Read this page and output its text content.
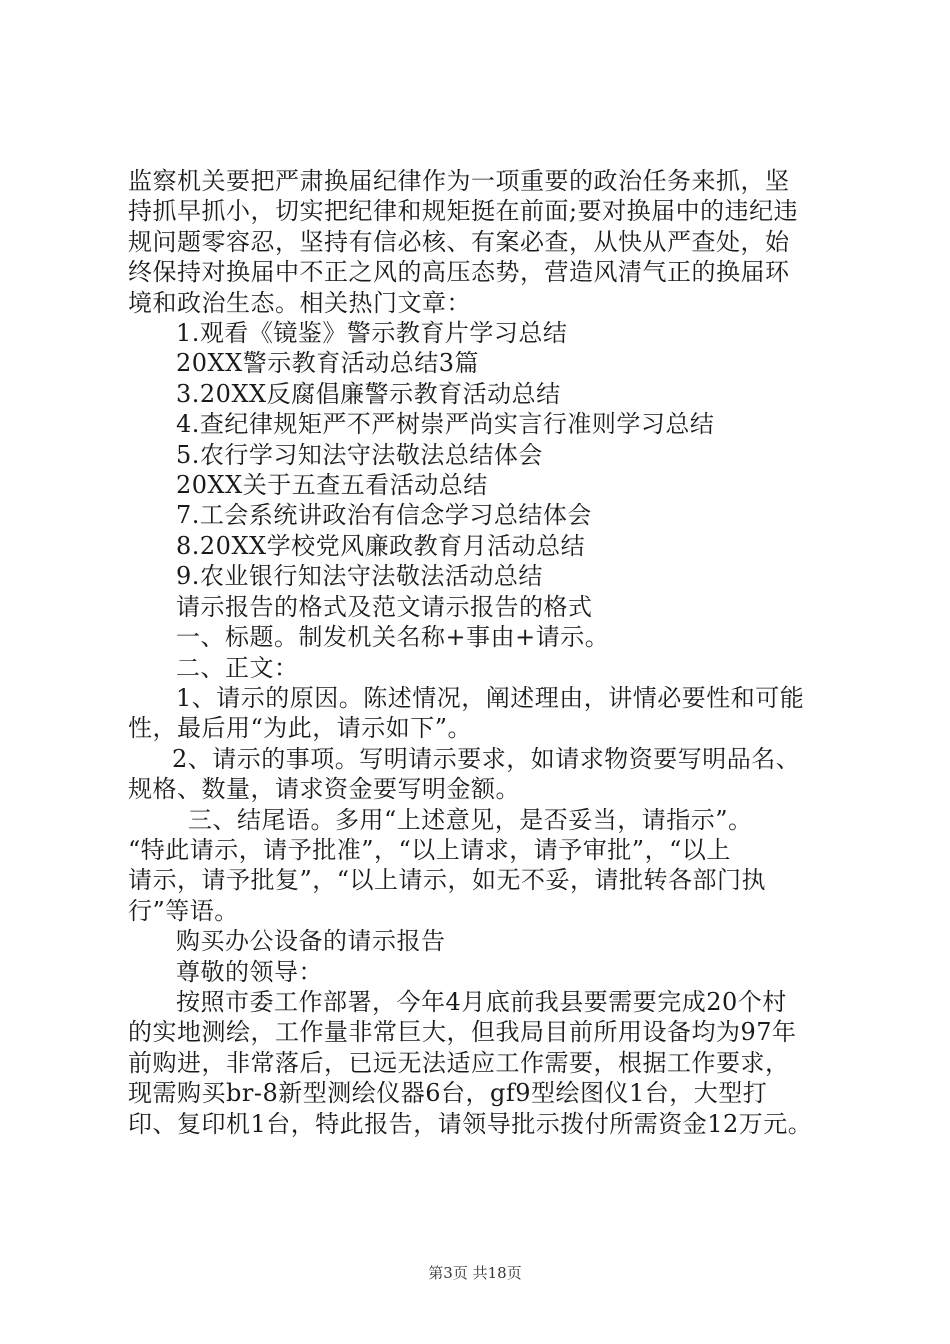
监察机关要把严肃换届纪律作为一项重要的政治任务来抓，坚

持抓早抓小，切实把纪律和规矩挺在前面;要对换届中的违纪违

规问题零容忍，坚持有信必核、有案必查，从快从严查处，始

终保持对换届中不正之风的高压态势，营造风清气正的换届环

境和政治生态。相关热门文章：

1.观看《镜鉴》警示教育片学习总结

20XX警示教育活动总结3篇

3.20XX反腐倡廉警示教育活动总结

4.查纪律规矩严不严树崇严尚实言行准则学习总结

5.农行学习知法守法敬法总结体会

20XX关于五查五看活动总结

7.工会系统讲政治有信念学习总结体会

8.20XX学校党风廉政教育月活动总结

9.农业银行知法守法敬法活动总结

请示报告的格式及范文请示报告的格式

一、标题。制发机关名称+事由+请示。

二、正文：

1、请示的原因。陈述情况，阐述理由，讲情必要性和可能

性，最后用“为此，请示如下”。

2、请示的事项。写明请示要求，如请求物资要写明品名、

规格、数量，请求资金要写明金额。

三、结尾语。多用“上述意见，是否妥当，请指示”。

“特此请示，请予批准”，“以上请求，请予审批”，“以上

请示，请予批复”，“以上请示，如无不妥，请批转各部门执

行”等语。

购买办公设备的请示报告

尊敬的领导：

按照市委工作部署，今年4月底前我县要需要完成20个村

的实地测绘，工作量非常巨大，但我局目前所用设备均为97年

前购进，非常落后，已远无法适应工作需要，根据工作要求，

现需购买br-8新型测绘仪器6台，gf9型绘图仪1台，大型打

印、复印机1台，特此报告，请领导批示拨付所需资金12万元。

第3页 共18页
